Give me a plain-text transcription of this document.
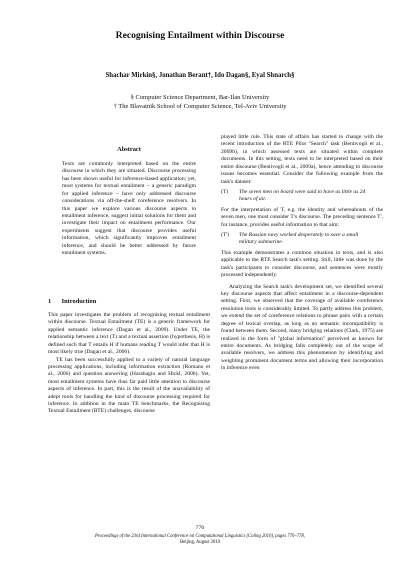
Recognising Entailment within Discourse
Shachar Mirkin§, Jonathan Berant†, Ido Dagan§, Eyal Shnarch§
§ Computer Science Department, Bar-Ilan University
† The Blavatnik School of Computer Science, Tel-Aviv University
Abstract

Texts are commonly interpreted based on the entire discourse in which they are situated. Discourse processing has been shown useful for inference-based application; yet, most systems for textual entailment – a generic paradigm for applied inference – have only addressed discourse considerations via off-the-shelf coreference resolvers. In this paper we explore various discourse aspects in entailment inference, suggest initial solutions for them and investigate their impact on entailment performance. Our experiments suggest that discourse provides useful information, which significantly improves entailment inference, and should be better addressed by future entailment systems.

1 Introduction

This paper investigates the problem of recognising textual entailment within discourse. Textual Entailment (TE) is a generic framework for applied semantic inference (Dagan et al., 2009). Under TE, the relationship between a text (T) and a textual assertion (hypothesis, H) is defined such that T entails H if humans reading T would infer that H is most likely true (Dagan et al., 2006).

TE has been successfully applied to a variety of natural language processing applications, including information extraction (Romano et al., 2006) and question answering (Harabagiu and Hickl, 2006). Yet, most entailment systems have thus far paid little attention to discourse aspects of inference. In part, this is the result of the unavailability of adept tools for handling the kind of discourse processing required for inference. In addition in the main TE benchmarks, the Recognising Textual Entailment (RTE) challenges, discourse

played little role. This state of affairs has started to change with the recent introduction of the RTE Pilot "Search" task (Bentivogli et al., 2009b), in which assessed texts are situated within complete documents. In this setting, texts need to be interpreted based on their entire discourse (Bentivogli et al., 2009a), hence attending to discourse issues becomes essential. Consider the following example from the task's dataset:

(T)	The seven men on board were said to have as little as 24 hours of air.

For the interpretation of T, e.g. the identity and whereabouts of the seven men, one must consider T's discourse. The preceding sentence T', for instance, provides useful information to that aim:

(T')	The Russian navy worked desperately to save a small military submarine.

This example demonstrates a common situation in texts, and is also applicable to the RTE Search task's setting. Still, little was done by the task's participants to consider discourse, and sentences were mostly processed independently.

Analyzing the Search task's development set, we identified several key discourse aspects that affect entailment in a discourse-dependent setting. First, we observed that the coverage of available coreference resolution tools is considerably limited. To partly address this problem, we extend the set of coreference relations to phrase pairs with a certain degree of lexical overlap, as long as no semantic incompatibility is found between them. Second, many bridging relations (Clark, 1975) are realized in the form of "global information" perceived as known for entire documents. As bridging falls completely out of the scope of available resolvers, we address this phenomenon by identifying and weighting prominent document terms and allowing their incorporation in inference even

770
Proceedings of the 23rd International Conference on Computational Linguistics (Coling 2010), pages 770–778,
Beijing, August 2010
